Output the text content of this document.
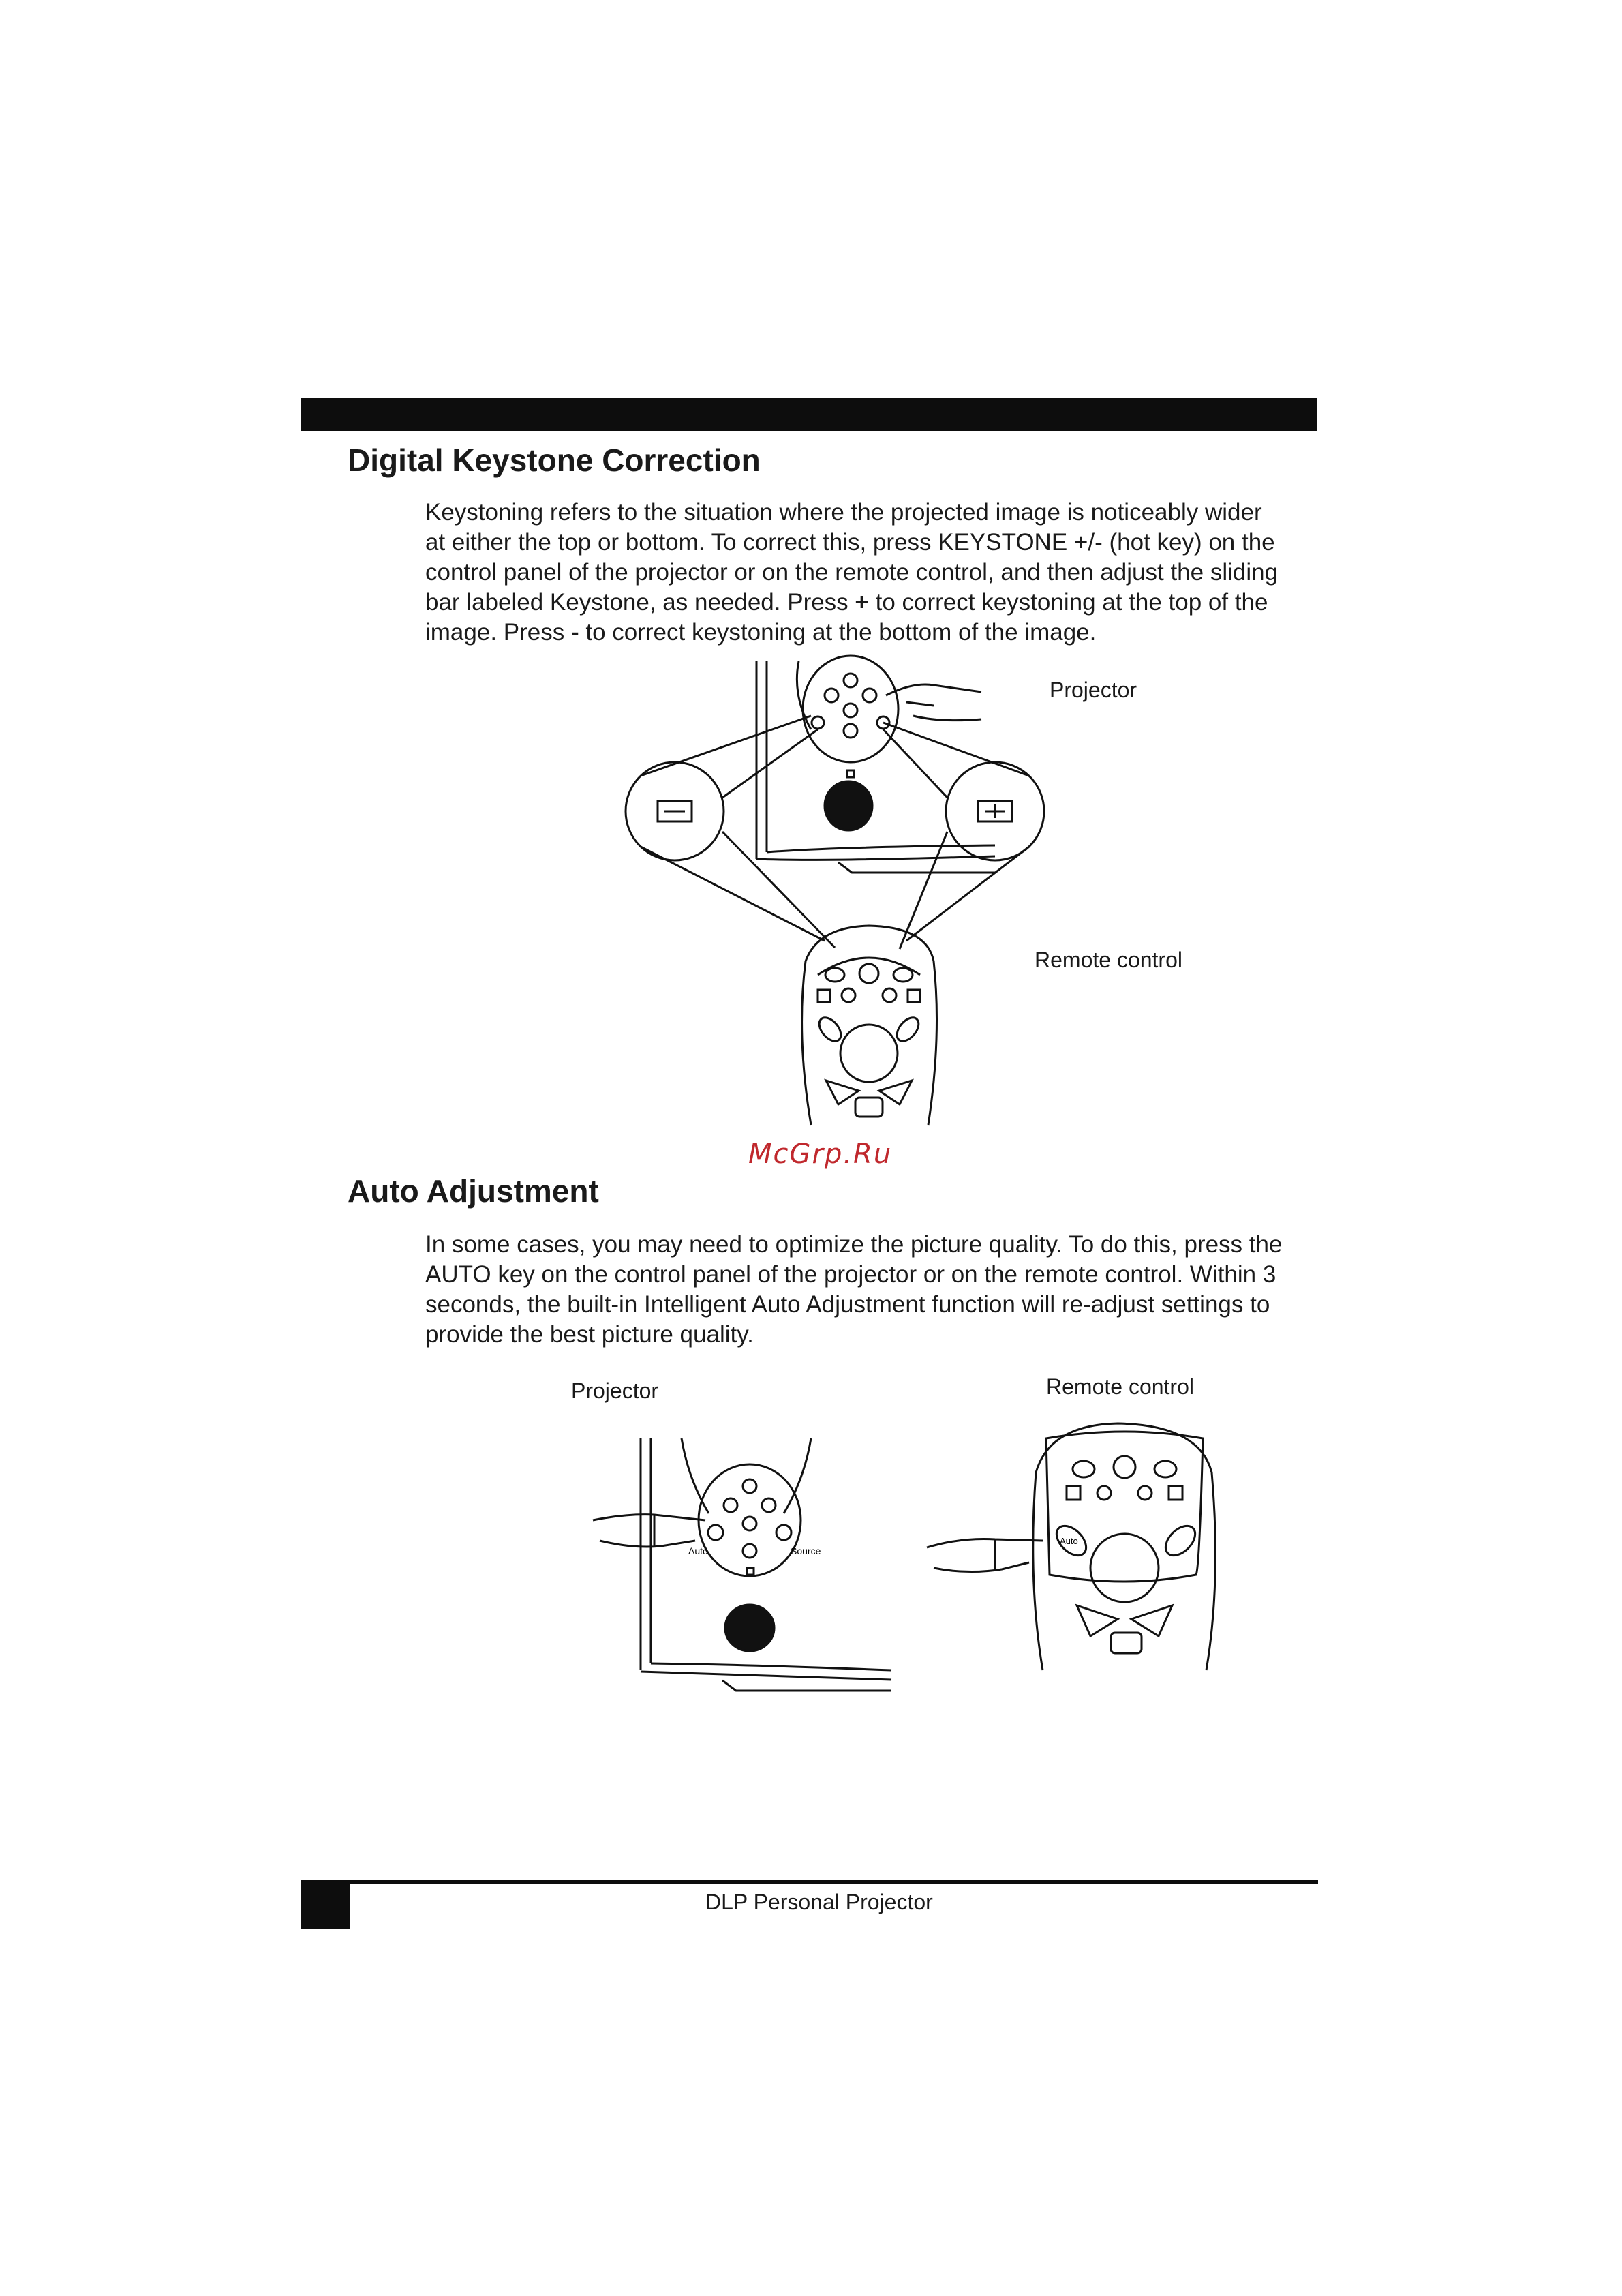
Digital Keystone Correction
Keystoning refers to the situation where the projected image is noticeably wider
at either the top or bottom. To correct this, press KEYSTONE +/- (hot key) on the
control panel of the projector or on the remote control, and then adjust the sliding
bar labeled Keystone, as needed. Press + to correct keystoning at the top of the
image. Press - to correct keystoning at the bottom of the image.
Projector
Remote control
McGrp.Ru
Auto Adjustment
In some cases, you may need to optimize the picture quality. To do this, press the
AUTO key on the control panel of the projector or on the remote control. Within 3
seconds, the built-in Intelligent Auto Adjustment function will re-adjust settings to
provide the best picture quality.
Projector	Remote control
Auto	Source
Auto
DLP Personal Projector
